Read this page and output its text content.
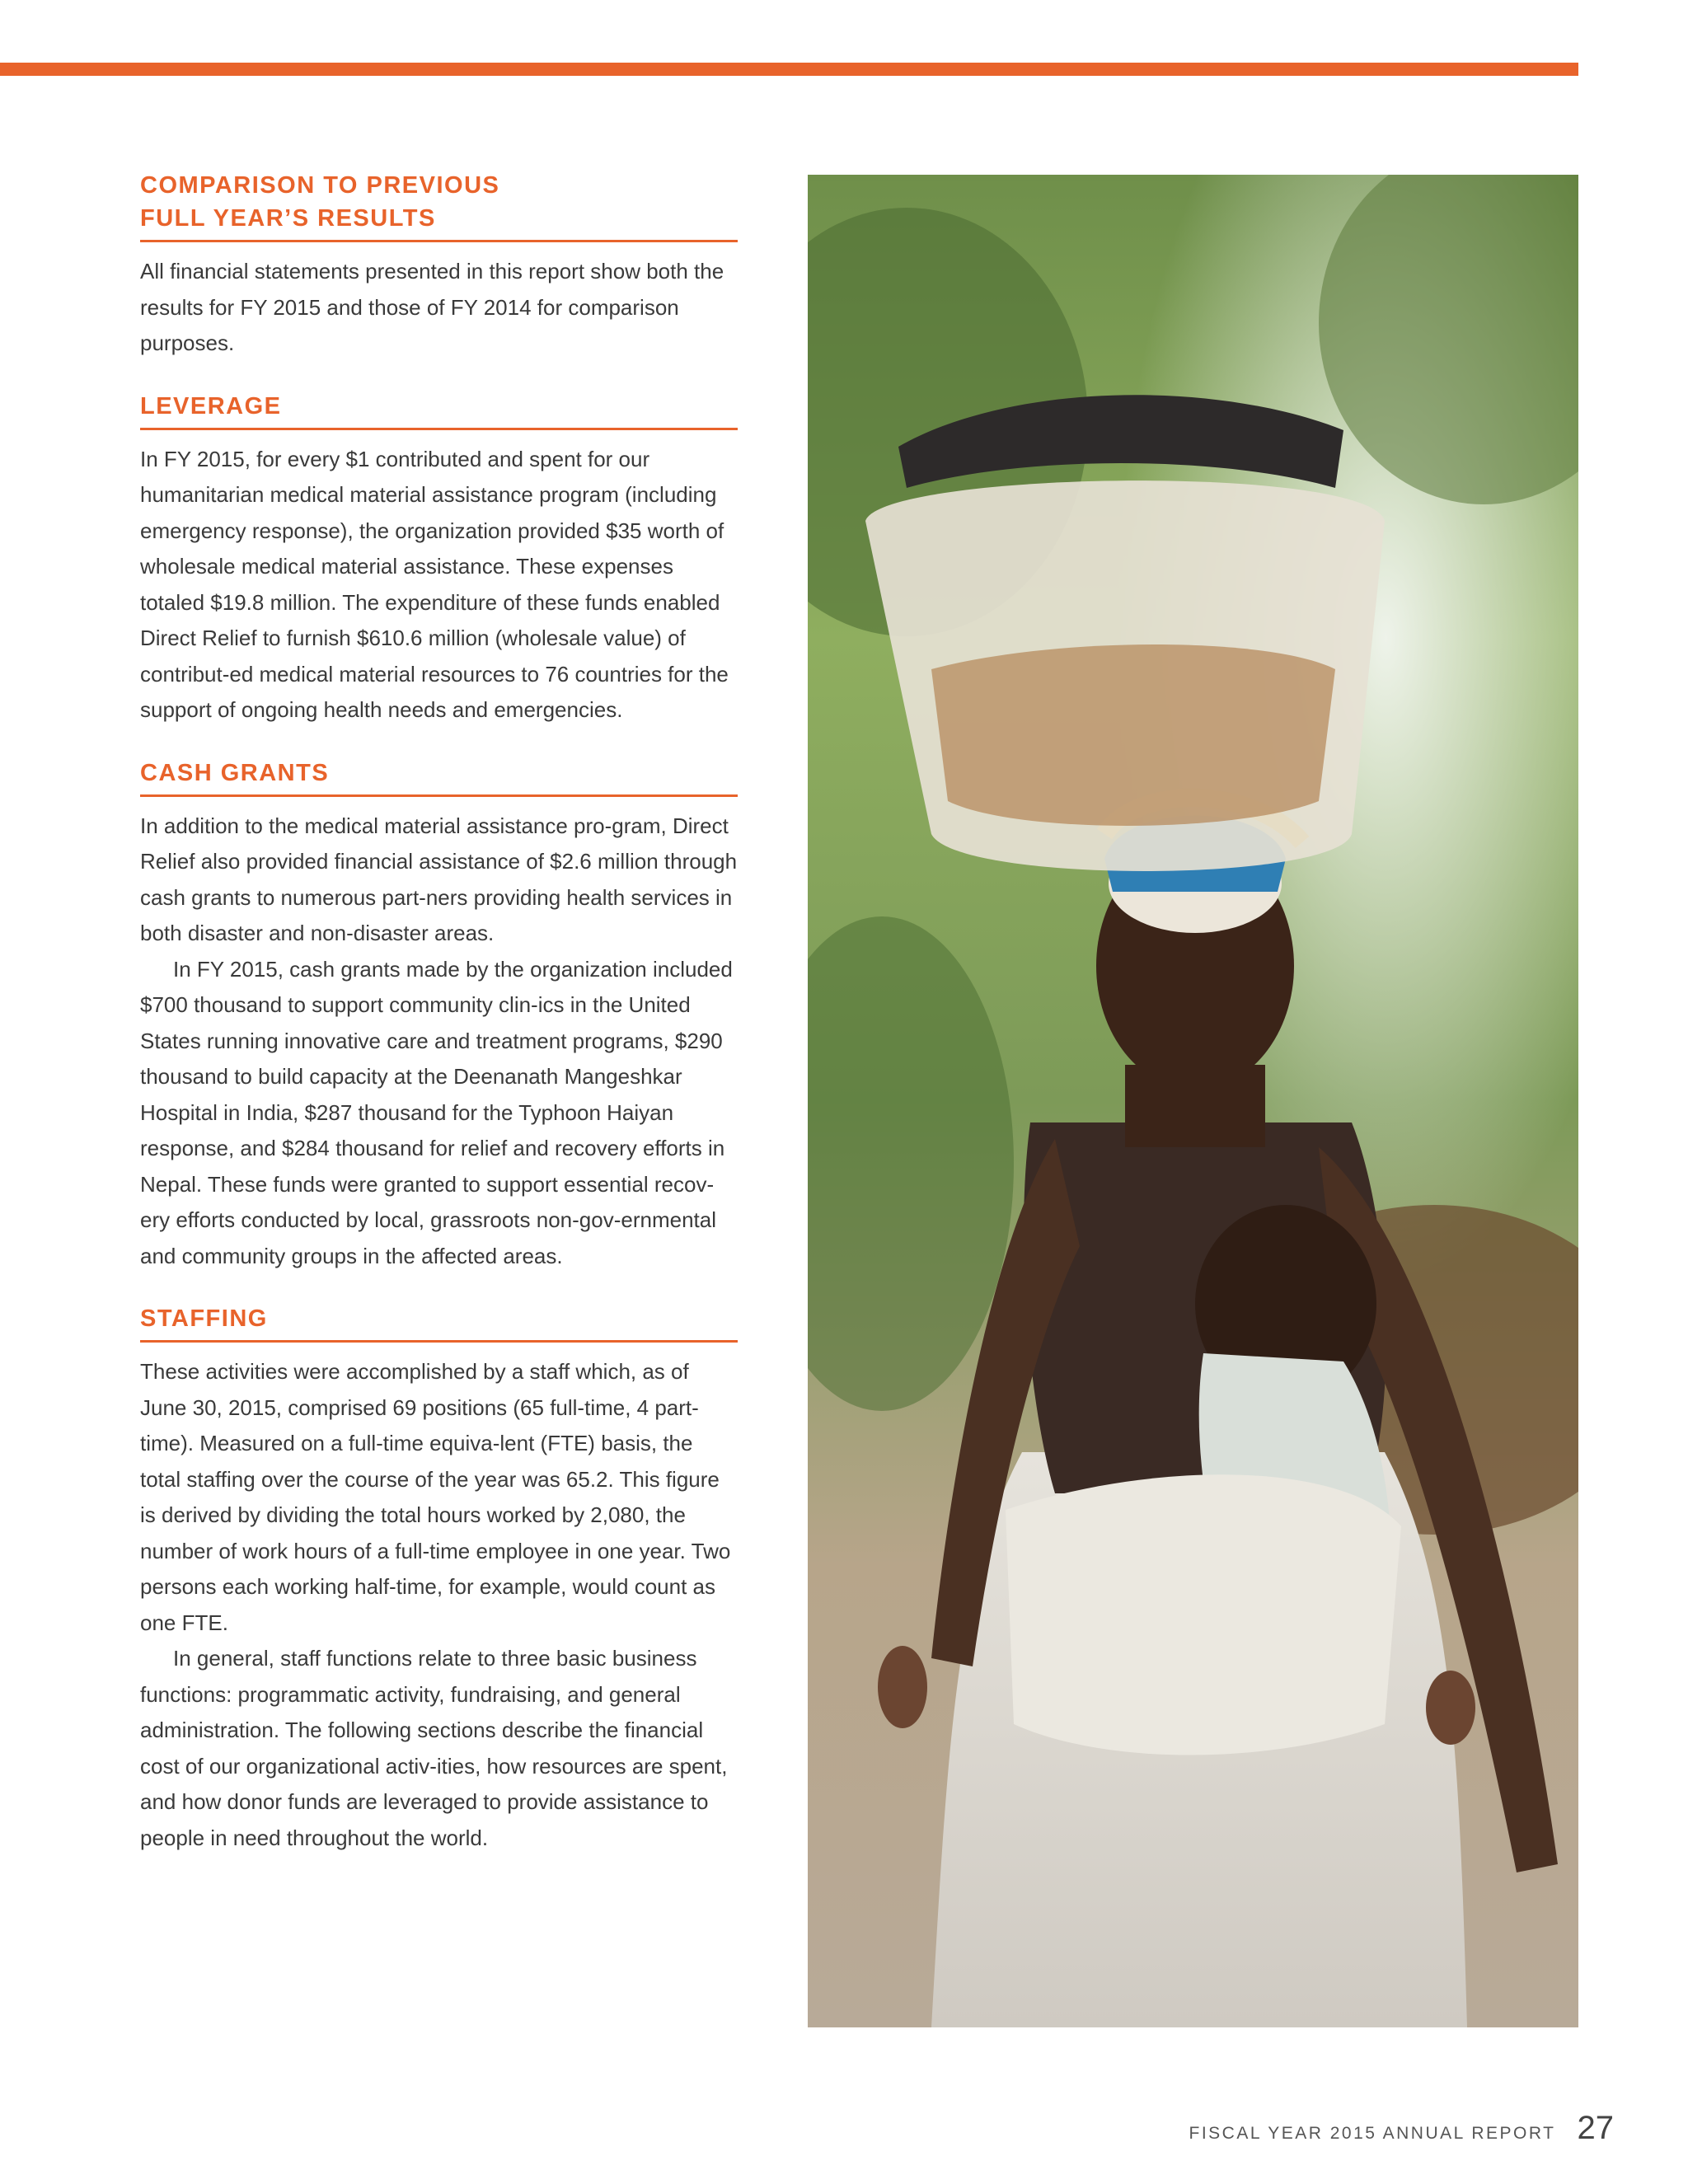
COMPARISON TO PREVIOUS
FULL YEAR’S RESULTS

All financial statements presented in this report show both the results for FY 2015 and those of FY 2014 for comparison purposes.

LEVERAGE

In FY 2015, for every $1 contributed and spent for our humanitarian medical material assistance program (including emergency response), the organization provided $35 worth of wholesale medical material assistance. These expenses totaled $19.8 million. The expenditure of these funds enabled Direct Relief to furnish $610.6 million (wholesale value) of contribut-ed medical material resources to 76 countries for the support of ongoing health needs and emergencies.

CASH GRANTS

In addition to the medical material assistance pro-gram, Direct Relief also provided financial assistance of $2.6 million through cash grants to numerous part-ners providing health services in both disaster and non-disaster areas.

In FY 2015, cash grants made by the organization included $700 thousand to support community clin-ics in the United States running innovative care and treatment programs, $290 thousand to build capacity at the Deenanath Mangeshkar Hospital in India, $287 thousand for the Typhoon Haiyan response, and $284 thousand for relief and recovery efforts in Nepal. These funds were granted to support essential recov-ery efforts conducted by local, grassroots non-gov-ernmental and community groups in the affected areas.

STAFFING

These activities were accomplished by a staff which, as of June 30, 2015, comprised 69 positions (65 full-time, 4 part-time). Measured on a full-time equiva-lent (FTE) basis, the total staffing over the course of the year was 65.2. This figure is derived by dividing the total hours worked by 2,080, the number of work hours of a full-time employee in one year. Two persons each working half-time, for example, would count as one FTE.

In general, staff functions relate to three basic business functions: programmatic activity, fundraising, and general administration. The following sections describe the financial cost of our organizational activ-ities, how resources are spent, and how donor funds are leveraged to provide assistance to people in need throughout the world.

FISCAL YEAR 2015 ANNUAL REPORT 27
